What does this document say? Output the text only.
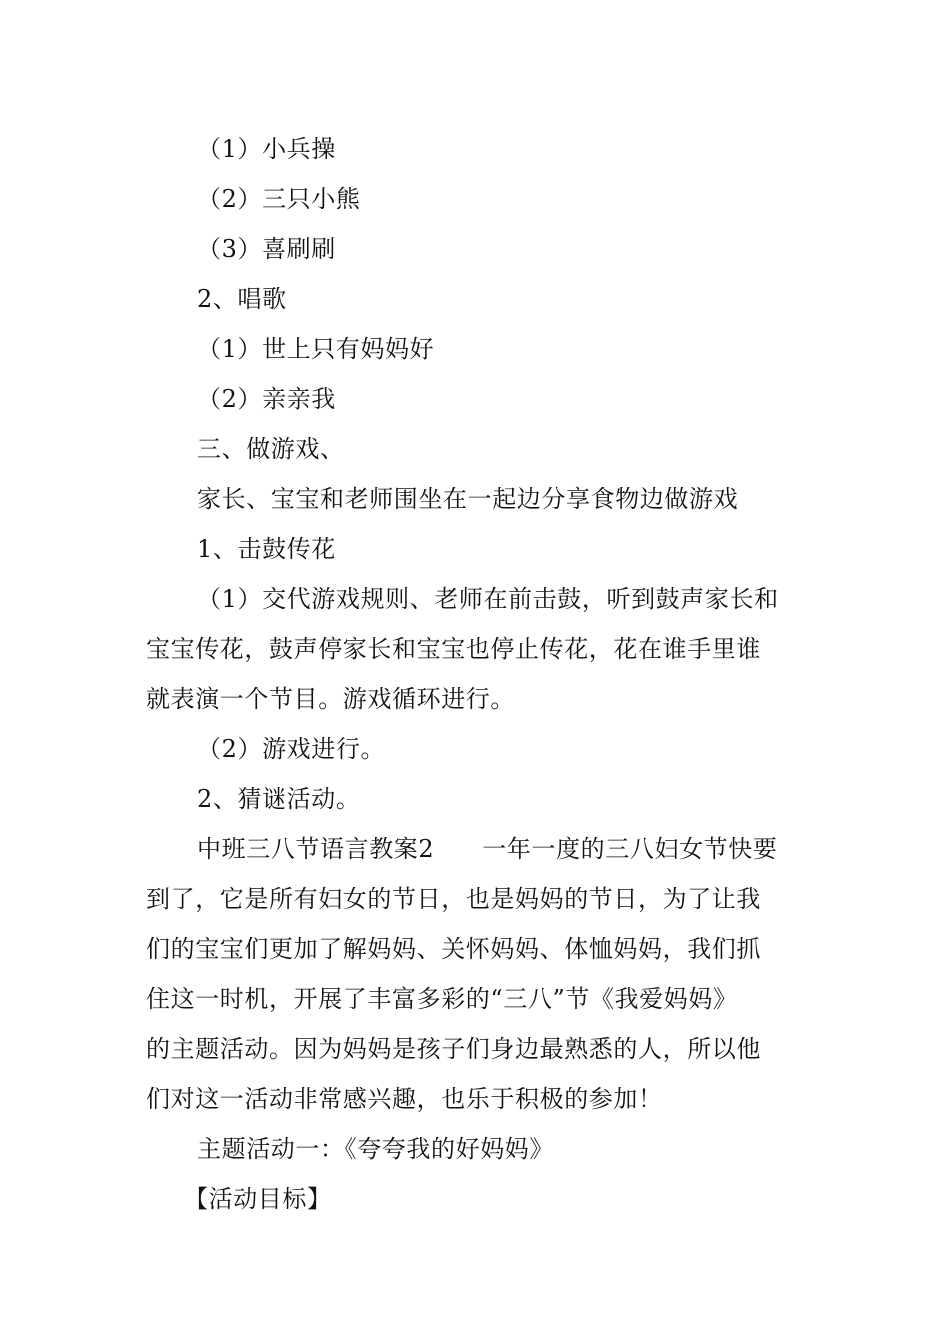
（1）小兵操
（2）三只小熊
（3）喜刷刷
2、唱歌
（1）世上只有妈妈好
（2）亲亲我
三、做游戏、
家长、宝宝和老师围坐在一起边分享食物边做游戏
1、击鼓传花
（1）交代游戏规则、老师在前击鼓，听到鼓声家长和
宝宝传花，鼓声停家长和宝宝也停止传花，花在谁手里谁
就表演一个节目。游戏循环进行。
（2）游戏进行。
2、猜谜活动。
中班三八节语言教案2 一年一度的三八妇女节快要
到了，它是所有妇女的节日，也是妈妈的节日，为了让我
们的宝宝们更加了解妈妈、关怀妈妈、体恤妈妈，我们抓
住这一时机，开展了丰富多彩的“三八”节《我爱妈妈》
的主题活动。因为妈妈是孩子们身边最熟悉的人，所以他
们对这一活动非常感兴趣，也乐于积极的参加！
主题活动一：《夸夸我的好妈妈》
【活动目标】
